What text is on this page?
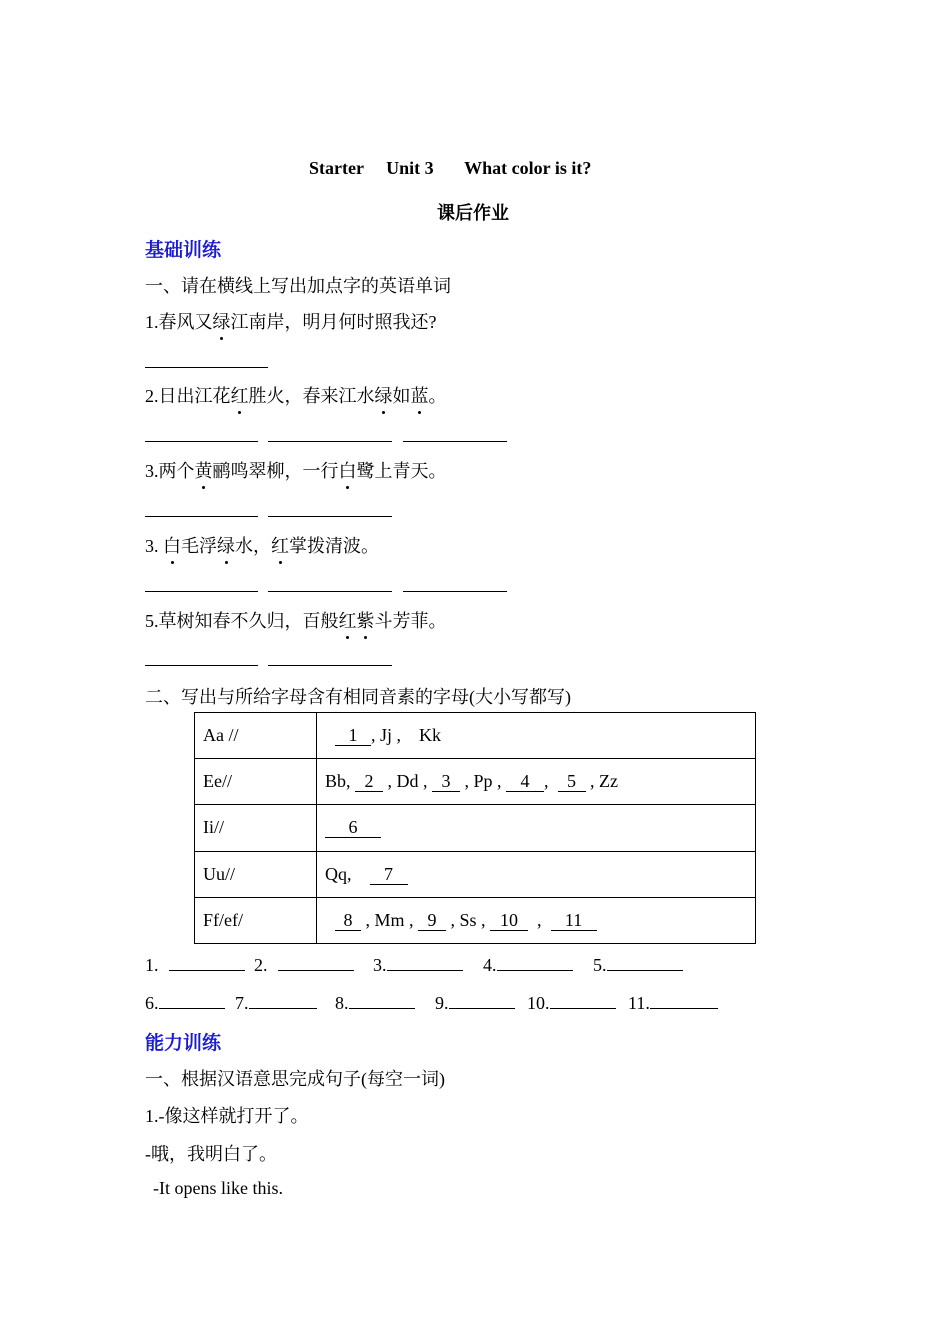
Starter Unit 3 What color is it?
课后作业
基础训练
一、请在横线上写出加点字的英语单词
1.春风又绿江南岸，明月何时照我还?
2.日出江花红胜火，春来江水绿如蓝。
3.两个黄鹂鸣翠柳，一行白鹭上青天。
3. 白毛浮绿水，红掌拨清波。
5.草树知春不久归，百般红紫斗芳菲。
二、写出与所给字母含有相同音素的字母(大小写都写)
Aa //	1 , Jj ,    Kk
Ee//	Bb, 2 , Dd , 3 , Pp , 4 ,  5 , Zz
Ii//	6
Uu//	Qq,    7
Ff/ef/	8 , Mm , 9 , Ss , 10  ,  11
1.	2.	3.	4.	5.
6.	7.	8.	9.	10.	11.
能力训练
一、根据汉语意思完成句子(每空一词)
1.-像这样就打开了。
-哦，我明白了。
-It opens like this.
